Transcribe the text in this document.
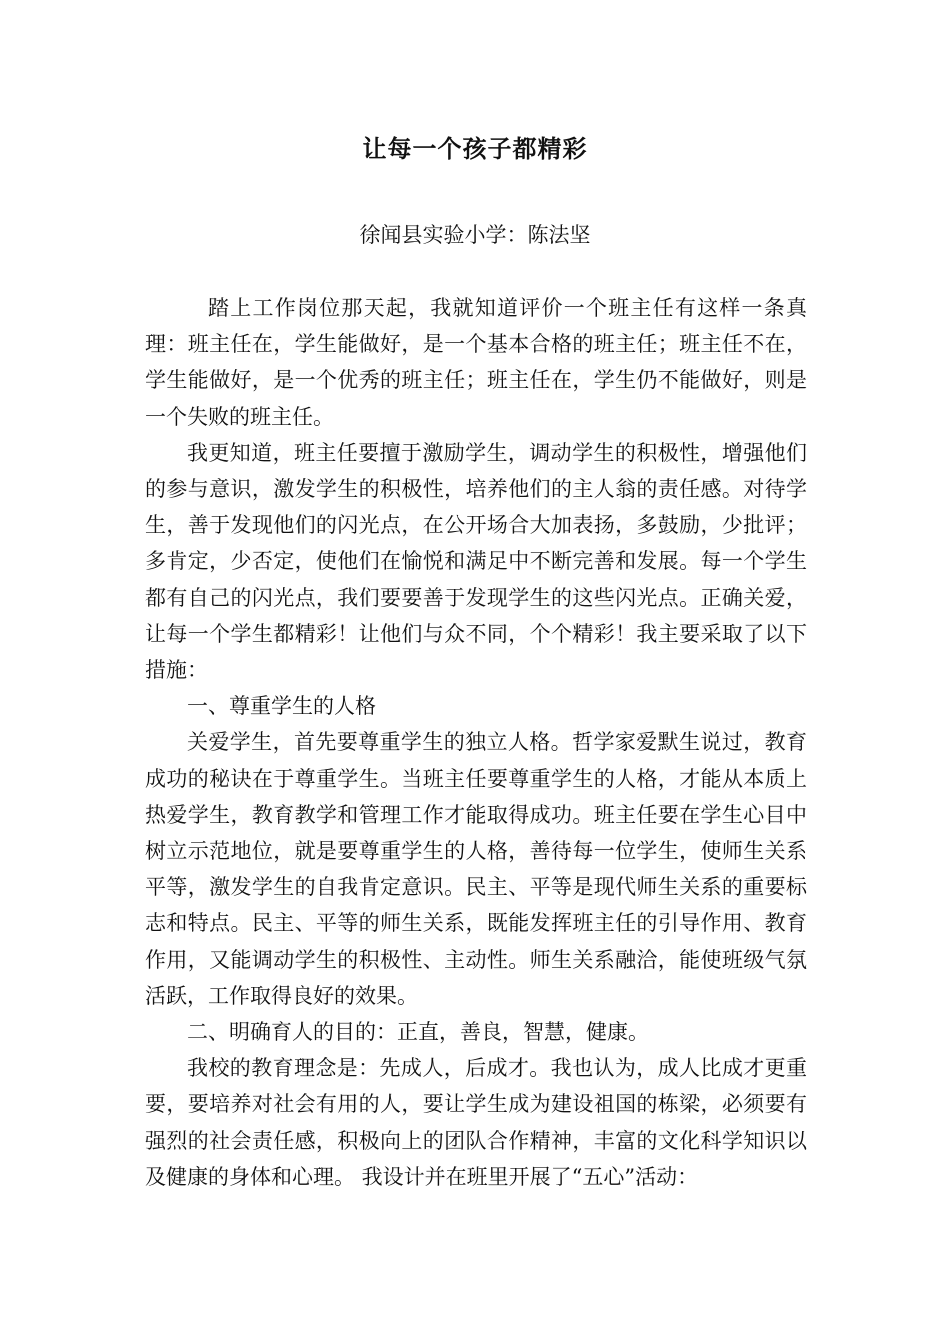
让每一个孩子都精彩
徐闻县实验小学：陈法坚

踏上工作岗位那天起，我就知道评价一个班主任有这样一条真理：班主任在，学生能做好，是一个基本合格的班主任；班主任不在，学生能做好，是一个优秀的班主任；班主任在，学生仍不能做好，则是一个失败的班主任。

我更知道，班主任要擅于激励学生，调动学生的积极性，增强他们的参与意识，激发学生的积极性，培养他们的主人翁的责任感。对待学生，善于发现他们的闪光点，在公开场合大加表扬，多鼓励，少批评；多肯定，少否定，使他们在愉悦和满足中不断完善和发展。每一个学生都有自己的闪光点，我们要要善于发现学生的这些闪光点。正确关爱，让每一个学生都精彩！让他们与众不同，个个精彩！我主要采取了以下措施：

一、尊重学生的人格

关爱学生，首先要尊重学生的独立人格。哲学家爱默生说过，教育成功的秘诀在于尊重学生。当班主任要尊重学生的人格，才能从本质上热爱学生，教育教学和管理工作才能取得成功。班主任要在学生心目中树立示范地位，就是要尊重学生的人格，善待每一位学生，使师生关系平等，激发学生的自我肯定意识。民主、平等是现代师生关系的重要标志和特点。民主、平等的师生关系，既能发挥班主任的引导作用、教育作用，又能调动学生的积极性、主动性。师生关系融洽，能使班级气氛活跃，工作取得良好的效果。

二、明确育人的目的：正直，善良，智慧，健康。

我校的教育理念是：先成人，后成才。我也认为，成人比成才更重要，要培养对社会有用的人，要让学生成为建设祖国的栋梁，必须要有强烈的社会责任感，积极向上的团队合作精神，丰富的文化科学知识以及健康的身体和心理。 我设计并在班里开展了“五心”活动：
